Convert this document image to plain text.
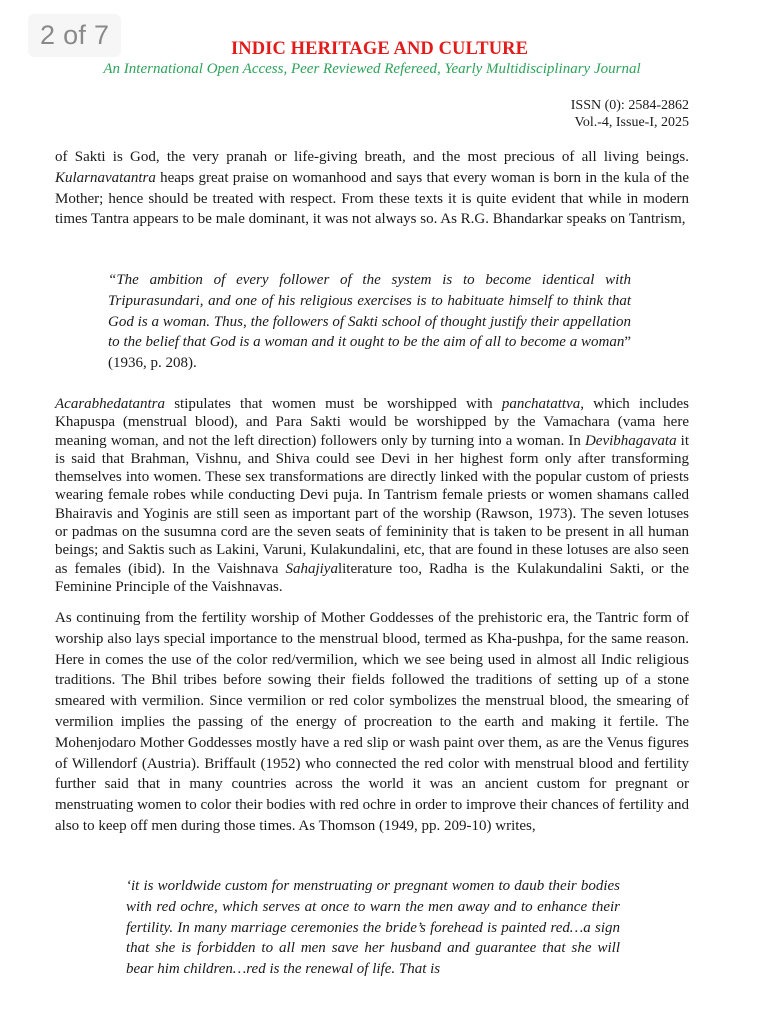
2 of 7	INDIC HERITAGE AND CULTURE
An International Open Access, Peer Reviewed Refereed, Yearly Multidisciplinary Journal
ISSN (0): 2584-2862
Vol.-4, Issue-I, 2025
of Sakti is God, the very pranah or life-giving breath, and the most precious of all living beings. Kularnavatantra heaps great praise on womanhood and says that every woman is born in the kula of the Mother; hence should be treated with respect. From these texts it is quite evident that while in modern times Tantra appears to be male dominant, it was not always so. As R.G. Bhandarkar speaks on Tantrism,
“The ambition of every follower of the system is to become identical with Tripurasundari, and one of his religious exercises is to habituate himself to think that God is a woman. Thus, the followers of Sakti school of thought justify their appellation to the belief that God is a woman and it ought to be the aim of all to become a woman” (1936, p. 208).
Acarabhedatantra stipulates that women must be worshipped with panchatattva, which includes Khapuspa (menstrual blood), and Para Sakti would be worshipped by the Vamachara (vama here meaning woman, and not the left direction) followers only by turning into a woman. In Devibhagavata it is said that Brahman, Vishnu, and Shiva could see Devi in her highest form only after transforming themselves into women. These sex transformations are directly linked with the popular custom of priests wearing female robes while conducting Devi puja. In Tantrism female priests or women shamans called Bhairavis and Yoginis are still seen as important part of the worship (Rawson, 1973). The seven lotuses or padmas on the susumna cord are the seven seats of femininity that is taken to be present in all human beings; and Saktis such as Lakini, Varuni, Kulakundalini, etc, that are found in these lotuses are also seen as females (ibid). In the Vaishnava Sahajiyaliterature too, Radha is the Kulakundalini Sakti, or the Feminine Principle of the Vaishnavas.
As continuing from the fertility worship of Mother Goddesses of the prehistoric era, the Tantric form of worship also lays special importance to the menstrual blood, termed as Kha-pushpa, for the same reason. Here in comes the use of the color red/vermilion, which we see being used in almost all Indic religious traditions. The Bhil tribes before sowing their fields followed the traditions of setting up of a stone smeared with vermilion. Since vermilion or red color symbolizes the menstrual blood, the smearing of vermilion implies the passing of the energy of procreation to the earth and making it fertile. The Mohenjodaro Mother Goddesses mostly have a red slip or wash paint over them, as are the Venus figures of Willendorf (Austria). Briffault (1952) who connected the red color with menstrual blood and fertility further said that in many countries across the world it was an ancient custom for pregnant or menstruating women to color their bodies with red ochre in order to improve their chances of fertility and also to keep off men during those times. As Thomson (1949, pp. 209-10) writes,
‘it is worldwide custom for menstruating or pregnant women to daub their bodies with red ochre, which serves at once to warn the men away and to enhance their fertility. In many marriage ceremonies the bride’s forehead is painted red…a sign that she is forbidden to all men save her husband and guarantee that she will bear him children…red is the renewal of life. That is
